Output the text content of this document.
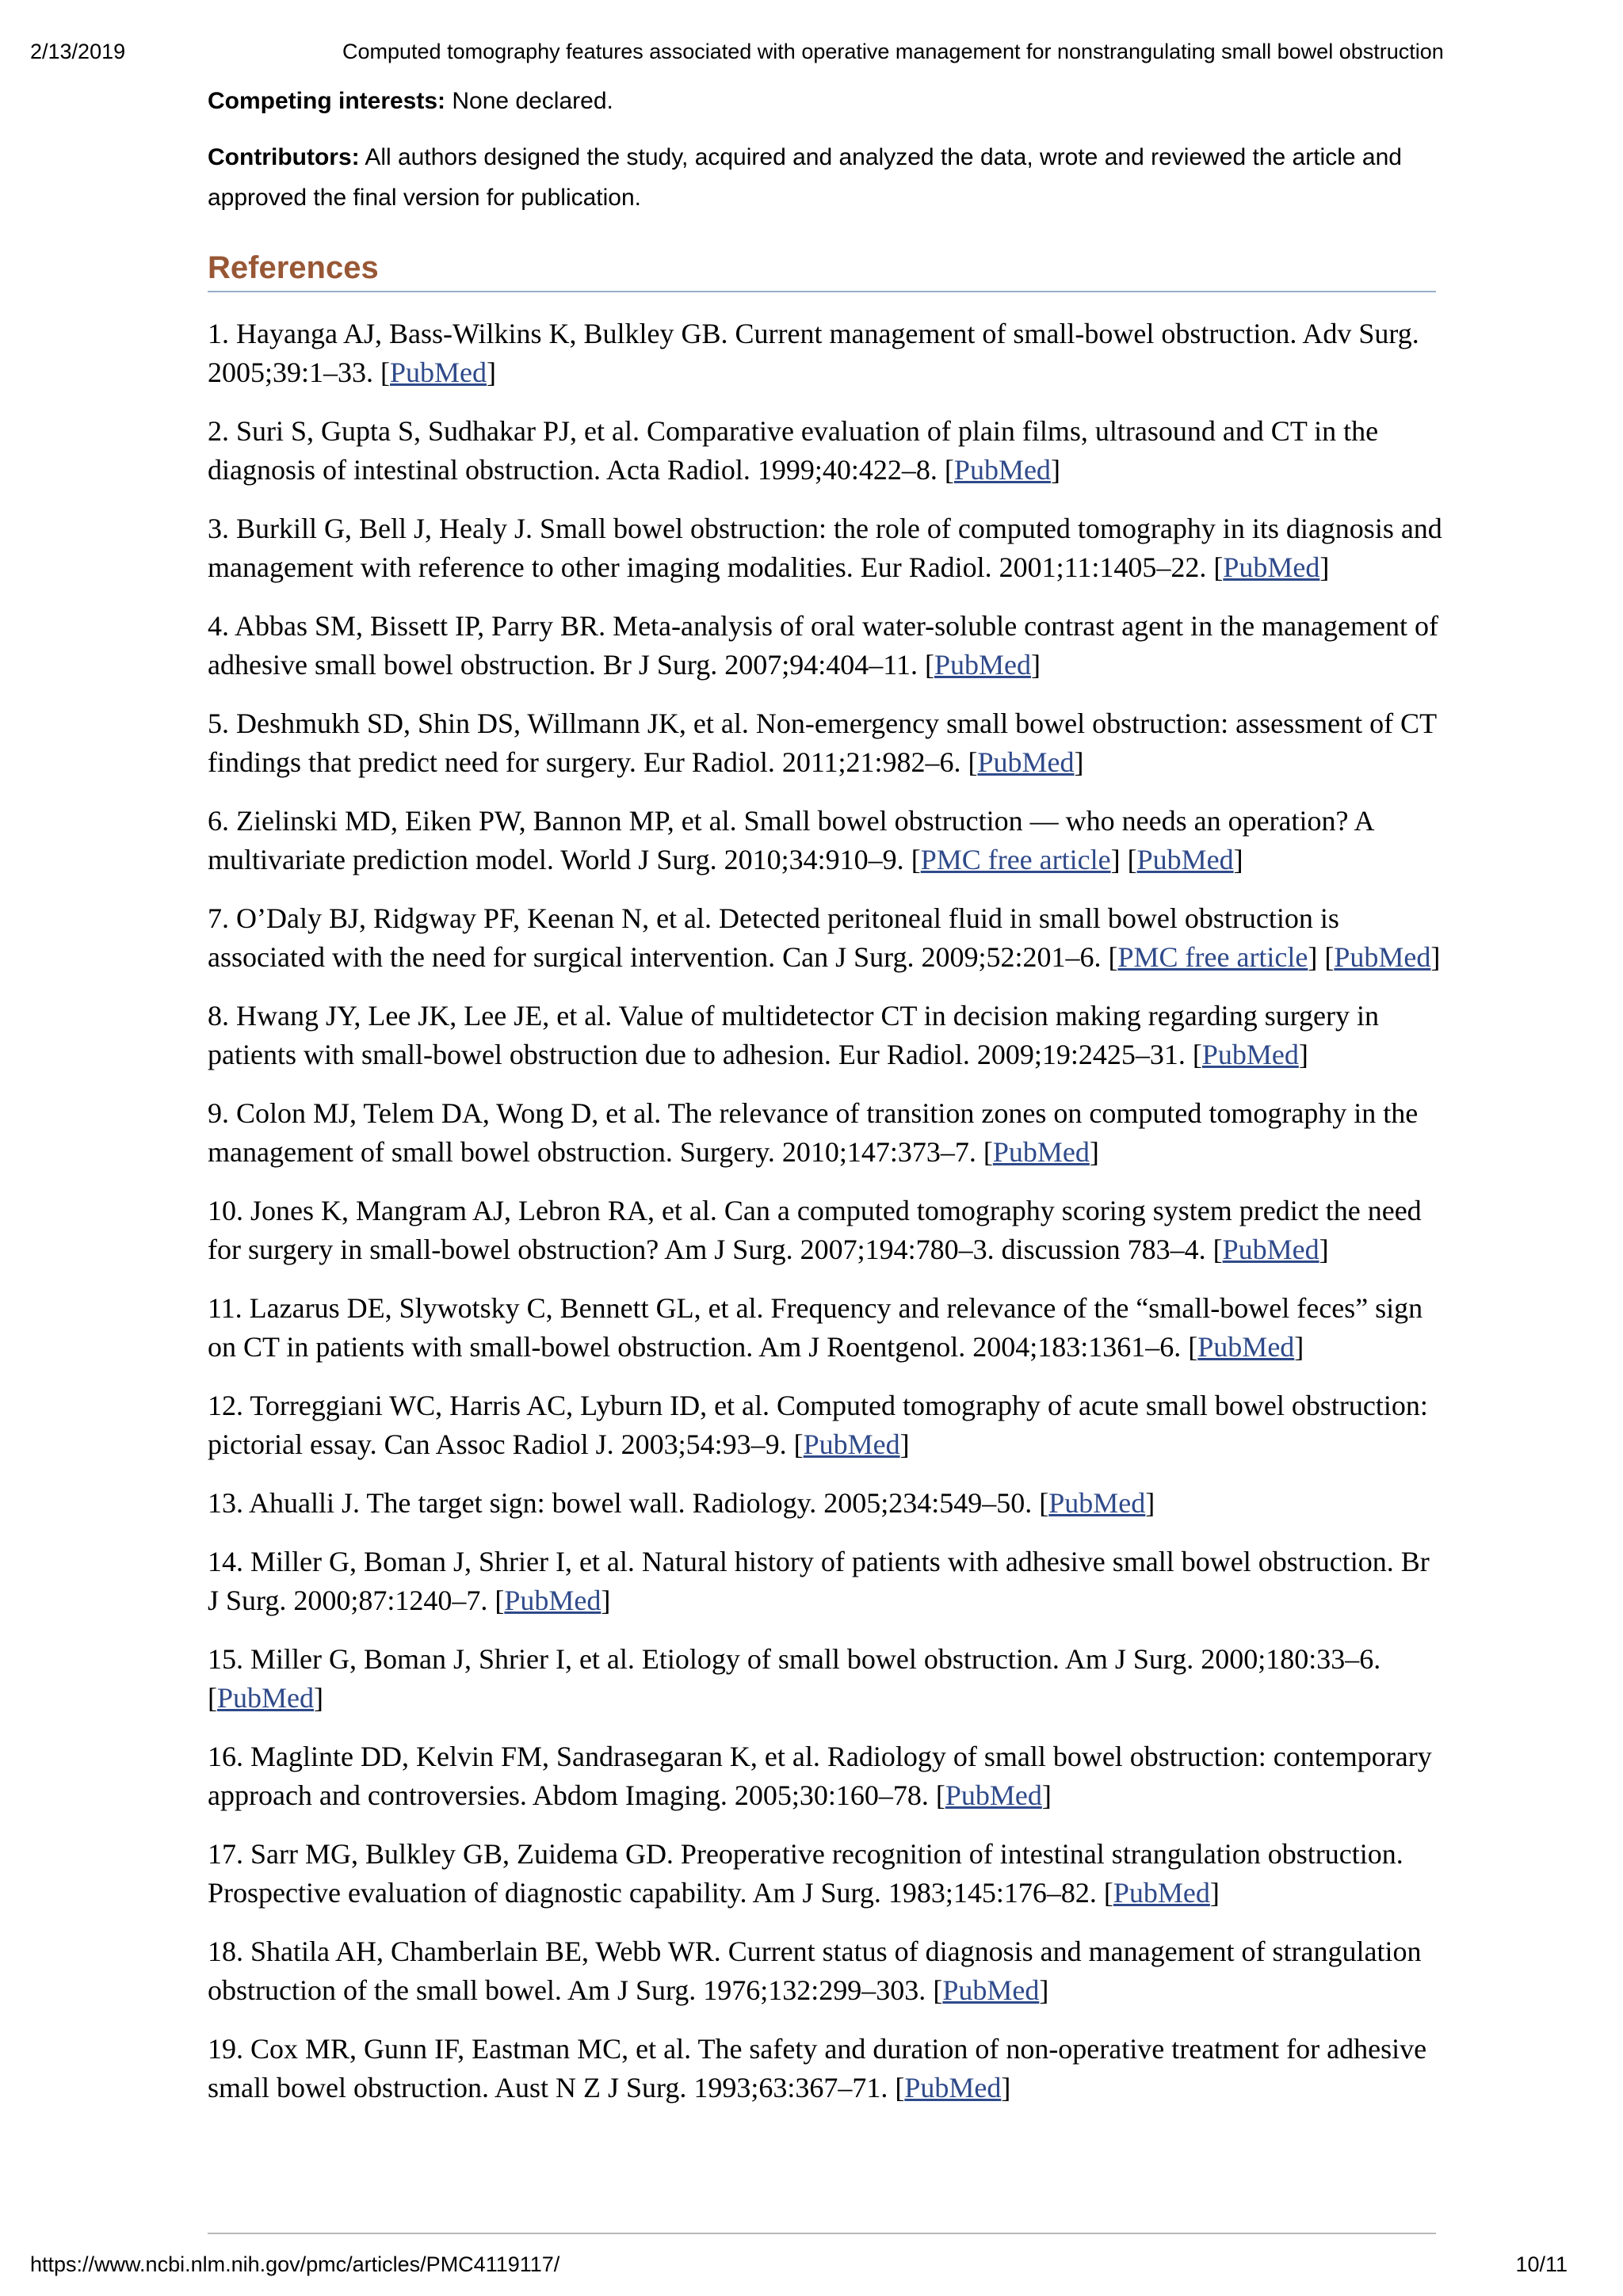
2/13/2019	Computed tomography features associated with operative management for nonstrangulating small bowel obstruction

Competing interests: None declared.

Contributors: All authors designed the study, acquired and analyzed the data, wrote and reviewed the article and approved the final version for publication.

References
1. Hayanga AJ, Bass-Wilkins K, Bulkley GB. Current management of small-bowel obstruction. Adv Surg. 2005;39:1–33. [PubMed]
2. Suri S, Gupta S, Sudhakar PJ, et al. Comparative evaluation of plain films, ultrasound and CT in the diagnosis of intestinal obstruction. Acta Radiol. 1999;40:422–8. [PubMed]
3. Burkill G, Bell J, Healy J. Small bowel obstruction: the role of computed tomography in its diagnosis and management with reference to other imaging modalities. Eur Radiol. 2001;11:1405–22. [PubMed]
4. Abbas SM, Bissett IP, Parry BR. Meta-analysis of oral water-soluble contrast agent in the management of adhesive small bowel obstruction. Br J Surg. 2007;94:404–11. [PubMed]
5. Deshmukh SD, Shin DS, Willmann JK, et al. Non-emergency small bowel obstruction: assessment of CT findings that predict need for surgery. Eur Radiol. 2011;21:982–6. [PubMed]
6. Zielinski MD, Eiken PW, Bannon MP, et al. Small bowel obstruction — who needs an operation? A multivariate prediction model. World J Surg. 2010;34:910–9. [PMC free article] [PubMed]
7. O’Daly BJ, Ridgway PF, Keenan N, et al. Detected peritoneal fluid in small bowel obstruction is associated with the need for surgical intervention. Can J Surg. 2009;52:201–6. [PMC free article] [PubMed]
8. Hwang JY, Lee JK, Lee JE, et al. Value of multidetector CT in decision making regarding surgery in patients with small-bowel obstruction due to adhesion. Eur Radiol. 2009;19:2425–31. [PubMed]
9. Colon MJ, Telem DA, Wong D, et al. The relevance of transition zones on computed tomography in the management of small bowel obstruction. Surgery. 2010;147:373–7. [PubMed]
10. Jones K, Mangram AJ, Lebron RA, et al. Can a computed tomography scoring system predict the need for surgery in small-bowel obstruction? Am J Surg. 2007;194:780–3. discussion 783–4. [PubMed]
11. Lazarus DE, Slywotsky C, Bennett GL, et al. Frequency and relevance of the “small-bowel feces” sign on CT in patients with small-bowel obstruction. Am J Roentgenol. 2004;183:1361–6. [PubMed]
12. Torreggiani WC, Harris AC, Lyburn ID, et al. Computed tomography of acute small bowel obstruction: pictorial essay. Can Assoc Radiol J. 2003;54:93–9. [PubMed]
13. Ahualli J. The target sign: bowel wall. Radiology. 2005;234:549–50. [PubMed]
14. Miller G, Boman J, Shrier I, et al. Natural history of patients with adhesive small bowel obstruction. Br J Surg. 2000;87:1240–7. [PubMed]
15. Miller G, Boman J, Shrier I, et al. Etiology of small bowel obstruction. Am J Surg. 2000;180:33–6. [PubMed]
16. Maglinte DD, Kelvin FM, Sandrasegaran K, et al. Radiology of small bowel obstruction: contemporary approach and controversies. Abdom Imaging. 2005;30:160–78. [PubMed]
17. Sarr MG, Bulkley GB, Zuidema GD. Preoperative recognition of intestinal strangulation obstruction. Prospective evaluation of diagnostic capability. Am J Surg. 1983;145:176–82. [PubMed]
18. Shatila AH, Chamberlain BE, Webb WR. Current status of diagnosis and management of strangulation obstruction of the small bowel. Am J Surg. 1976;132:299–303. [PubMed]
19. Cox MR, Gunn IF, Eastman MC, et al. The safety and duration of non-operative treatment for adhesive small bowel obstruction. Aust N Z J Surg. 1993;63:367–71. [PubMed]
https://www.ncbi.nlm.nih.gov/pmc/articles/PMC4119117/	10/11
